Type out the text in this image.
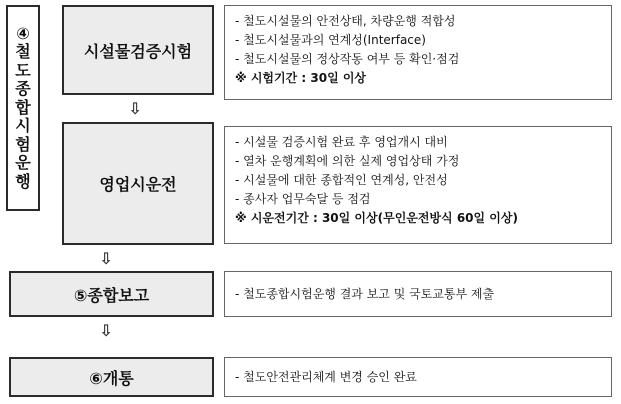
④
철
도
종
합
시
험
운
행
시설물검증시험
- 철도시설물의 안전상태, 차량운행 적합성
- 철도시설물과의 연계성(Interface)
- 철도시설물의 정상작동 여부 등 확인·점검
※ 시험기간 : 30일 이상
⇩
영업시운전
- 시설물 검증시험 완료 후 영업개시 대비
- 열차 운행계획에 의한 실제 영업상태 가정
- 시설물에 대한 종합적인 연계성, 안전성
- 종사자 업무숙달 등 점검
※ 시운전기간 : 30일 이상(무인운전방식 60일 이상)
⇩
⑤종합보고	- 철도종합시험운행 결과 보고 및 국토교통부 제출
⇩
⑥개통	- 철도안전관리체계 변경 승인 완료
